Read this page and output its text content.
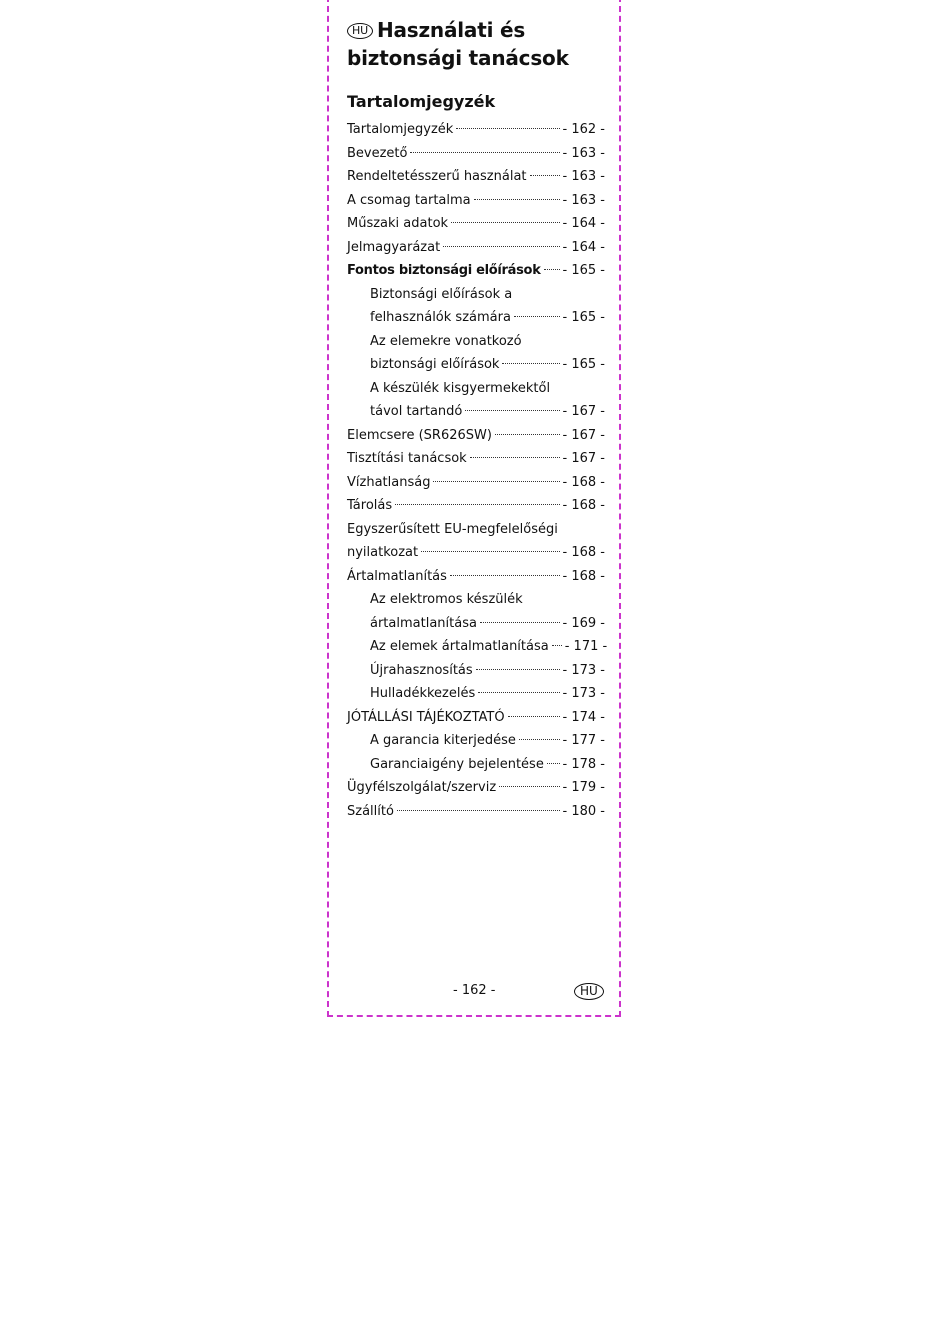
HU Használati és biztonsági tanácsok
Tartalomjegyzék
Tartalomjegyzék	- 162 -
Bevezető	- 163 -
Rendeltetésszerű használat	- 163 -
A csomag tartalma	- 163 -
Műszaki adatok	- 164 -
Jelmagyarázat	- 164 -
Fontos biztonsági előírások - 165 -
Biztonsági előírások a
felhasználók számára	- 165 -
Az elemekre vonatkozó
biztonsági előírások	- 165 -
A készülék kisgyermekektől
távol tartandó	- 167 -
Elemcsere (SR626SW)	- 167 -
Tisztítási tanácsok	- 167 -
Vízhatlanság	- 168 -
Tárolás	- 168 -
Egyszerűsített EU-megfelelőségi
nyilatkozat	- 168 -
Ártalmatlanítás	- 168 -
Az elektromos készülék
ártalmatlanítása	- 169 -
Az elemek ártalmatlanítása - 171 -
Újrahasznosítás	- 173 -
Hulladékkezelés	- 173 -
JÓTÁLLÁSI TÁJÉKOZTATÓ	- 174 -
A garancia kiterjedése	- 177 -
Garanciaigény bejelentése - 178 -
Ügyfélszolgálat/szerviz	- 179 -
Szállító	- 180 -
- 162 -	HU
